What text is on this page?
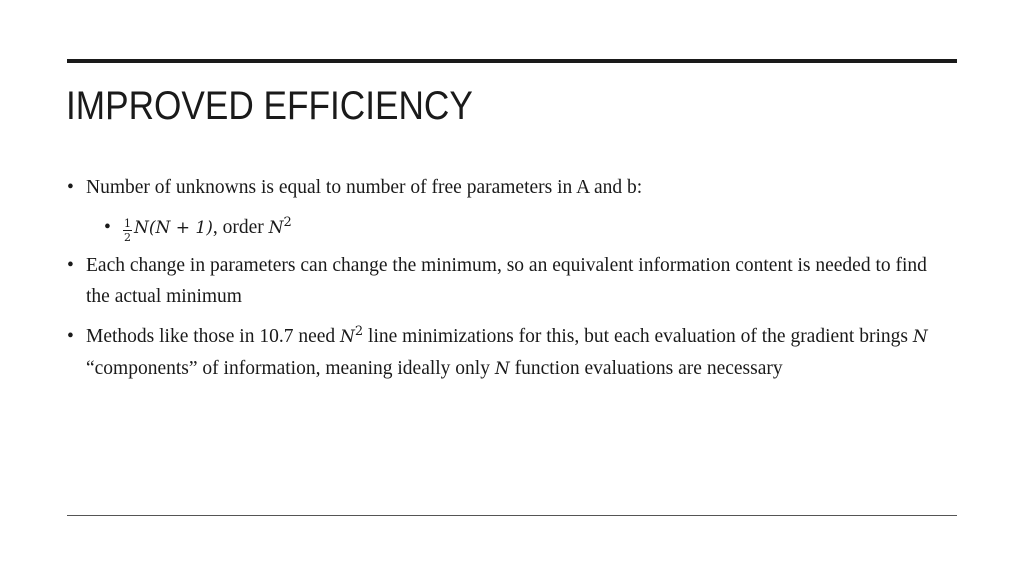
IMPROVED EFFICIENCY
• Number of unknowns is equal to number of free parameters in A and b:
• $\frac{1}{2} N(N + 1)$, order $N^2$
• Each change in parameters can change the minimum, so an equivalent information content is needed to find the actual minimum
• Methods like those in 10.7 need $N^2$ line minimizations for this, but each evaluation of the gradient brings N “components” of information, meaning ideally only N function evaluations are necessary
